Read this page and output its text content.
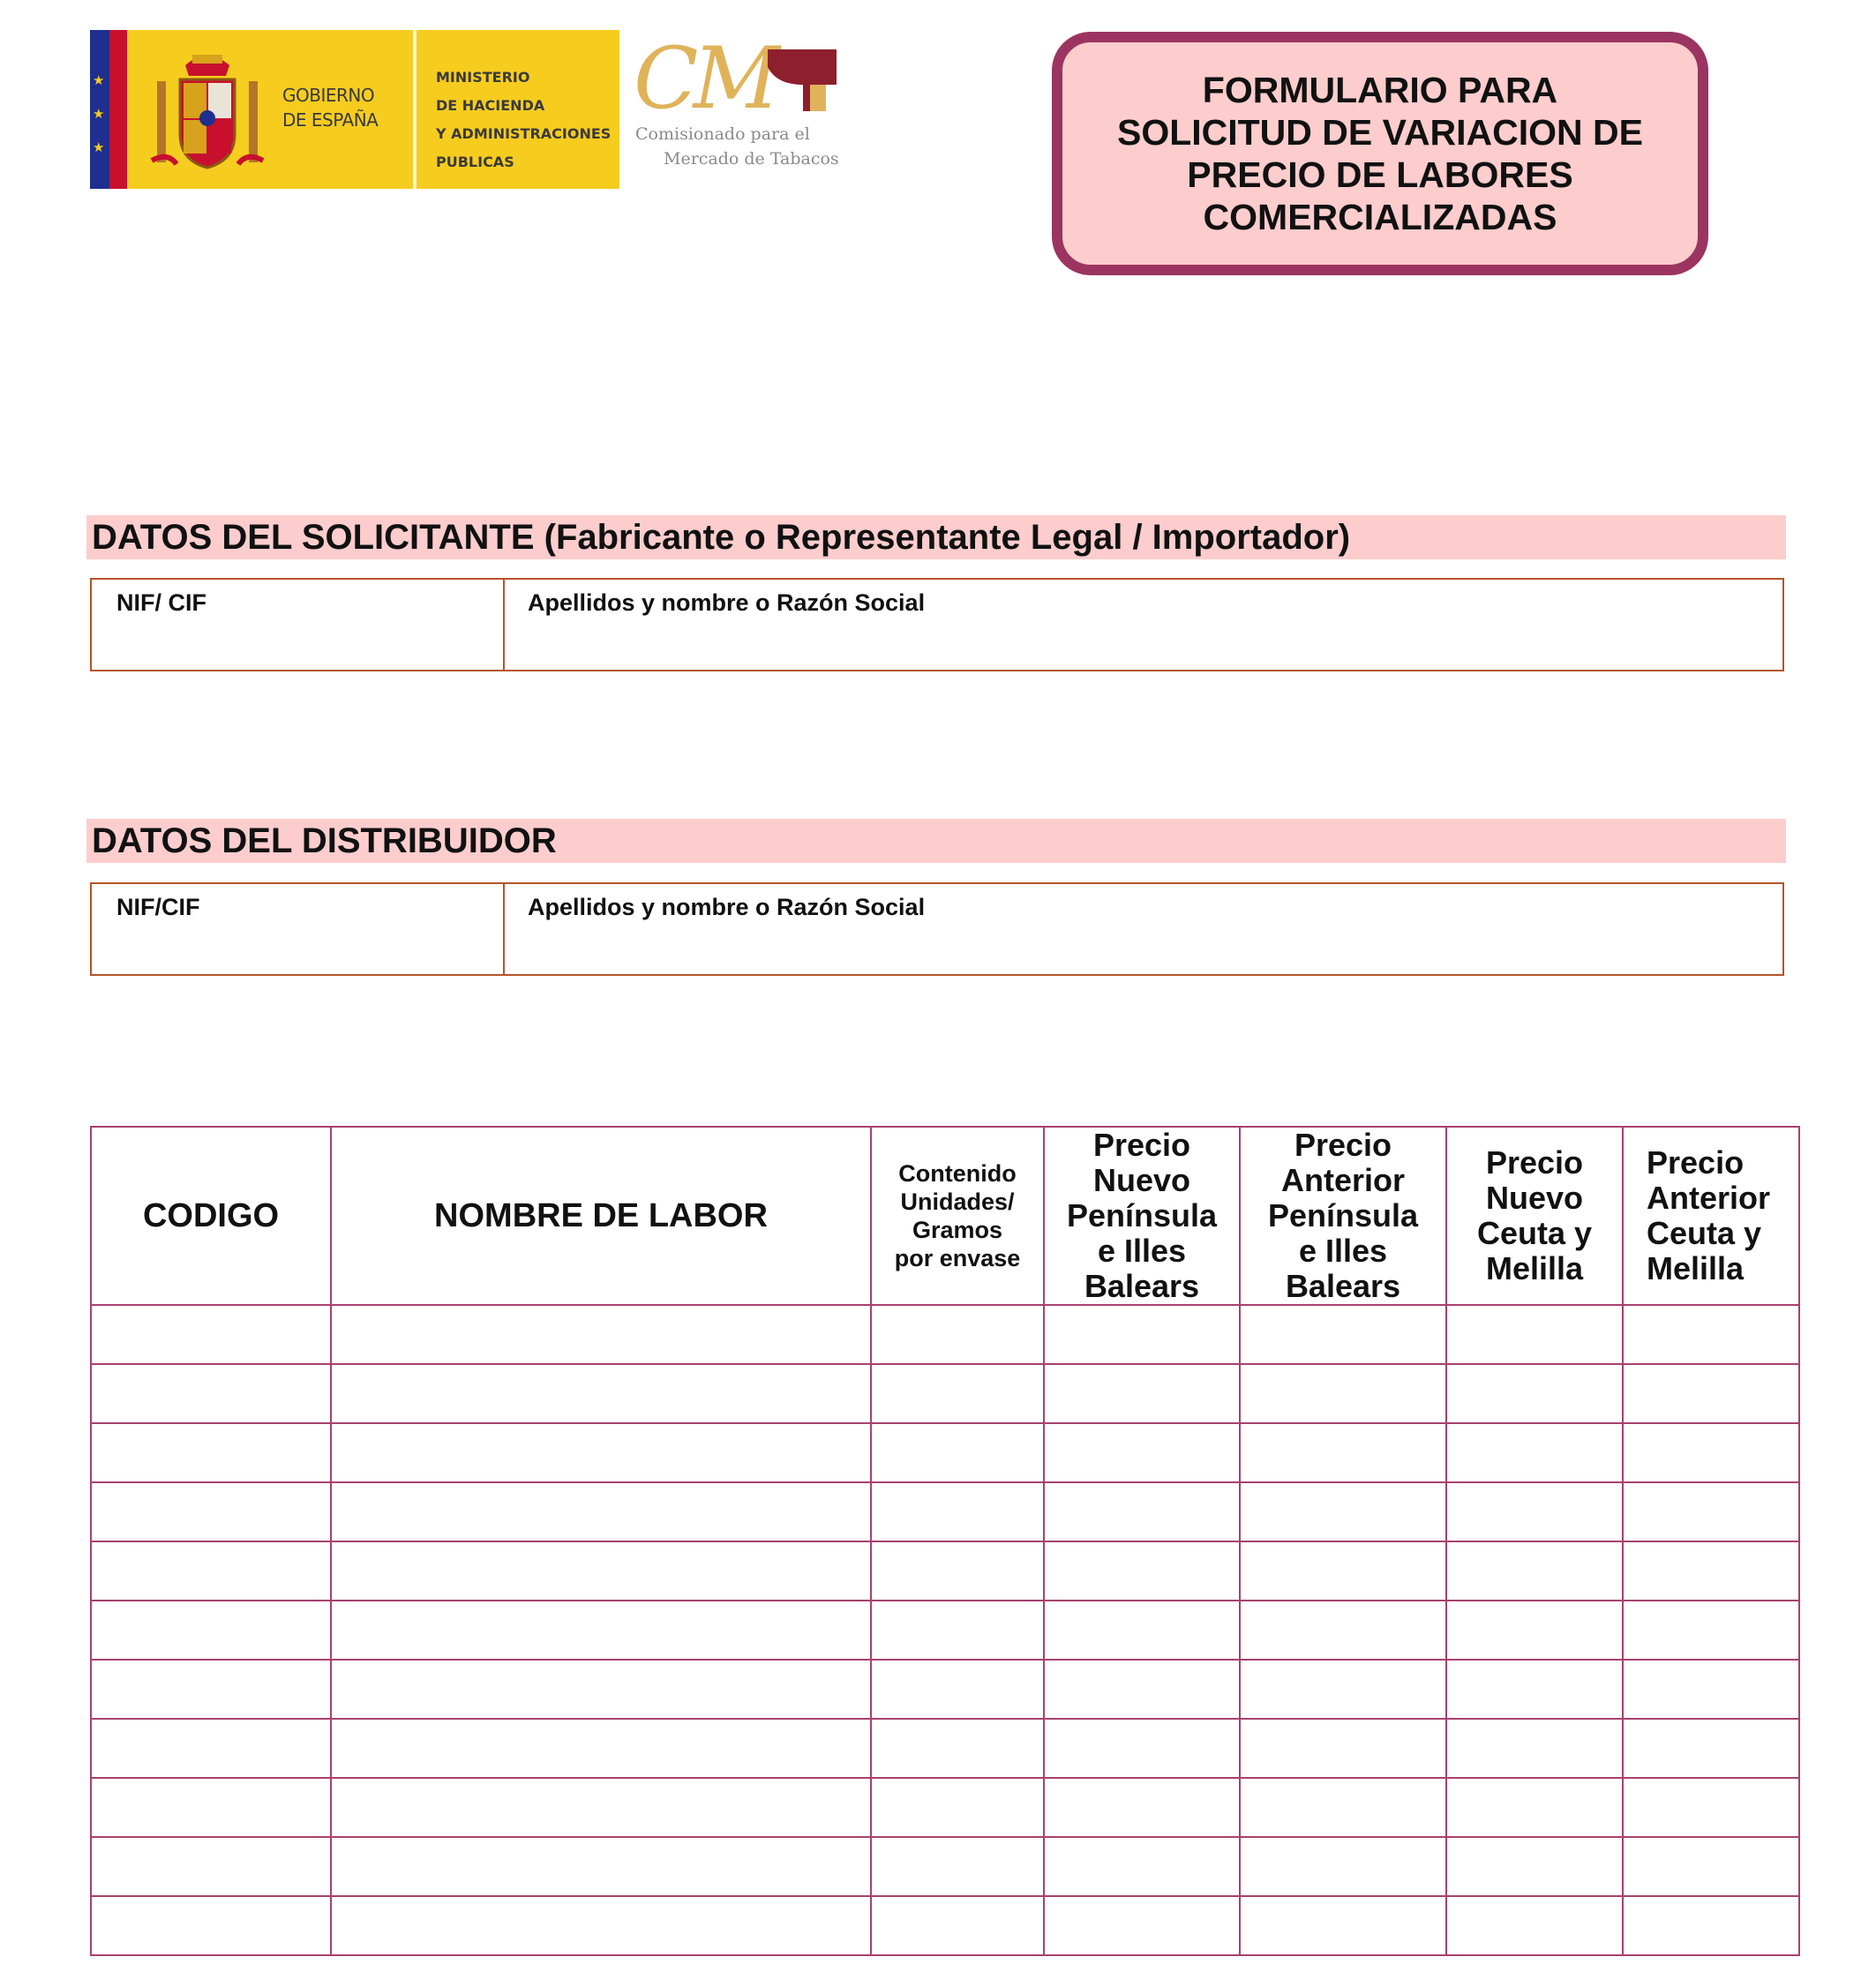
★
★
★
GOBIERNO
DE ESPAÑA
MINISTERIO
DE HACIENDA
Y ADMINISTRACIONES
PUBLICAS
CM
Comisionado para el
Mercado de Tabacos
FORMULARIO PARA
SOLICITUD DE VARIACION DE
PRECIO DE LABORES
COMERCIALIZADAS
DATOS DEL SOLICITANTE (Fabricante o Representante Legal / Importador)
NIF/ CIF	Apellidos y nombre o Razón Social
DATOS DEL DISTRIBUIDOR
NIF/CIF	Apellidos y nombre o Razón Social
CODIGO	NOMBRE DE LABOR	Contenido
Unidades/
Gramos
por envase	Precio
Nuevo
Península
e Illes
Balears	Precio
Anterior
Península
e Illes
Balears	Precio
Nuevo
Ceuta y
Melilla	Precio
Anterior
Ceuta y
Melilla
